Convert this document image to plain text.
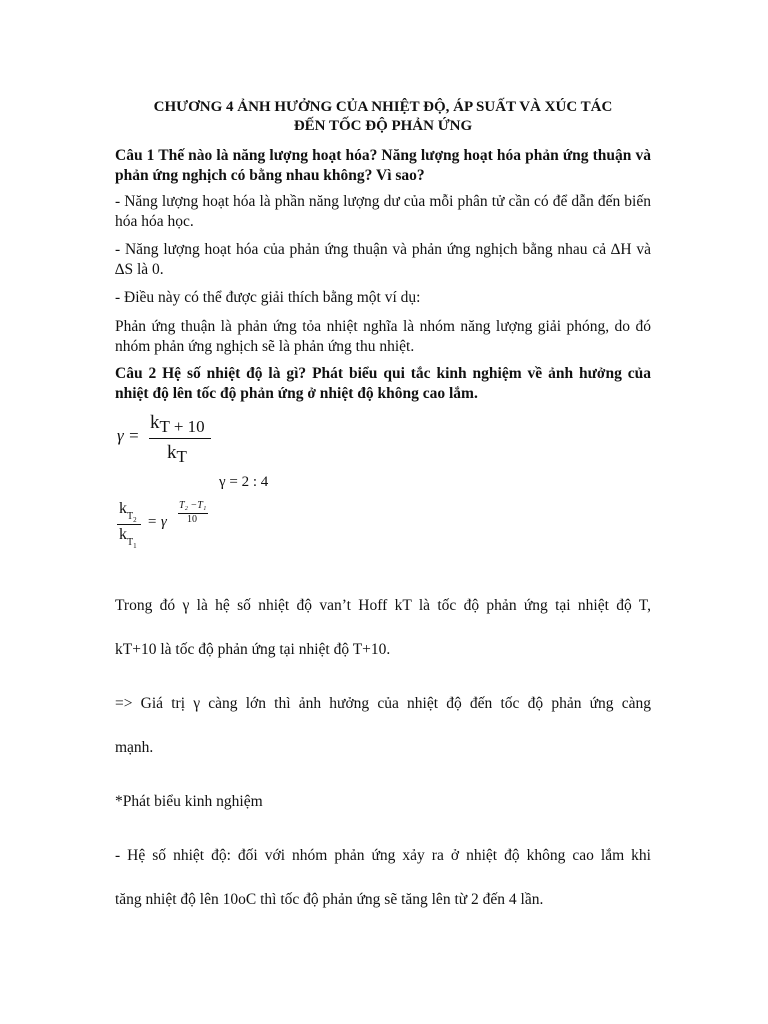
CHƯƠNG 4 ẢNH HƯỞNG CỦA NHIỆT ĐỘ, ÁP SUẤT VÀ XÚC TÁC

ĐẾN TỐC ĐỘ PHẢN ỨNG

Câu 1 Thế nào là năng lượng hoạt hóa? Năng lượng hoạt hóa phản ứng thuận và phản ứng nghịch có bằng nhau không? Vì sao?

- Năng lượng hoạt hóa là phần năng lượng dư của mỗi phân tử cần có để dẫn đến biến hóa hóa học.

- Năng lượng hoạt hóa của phản ứng thuận và phản ứng nghịch bằng nhau cả ∆H và ∆S là 0.

- Điều này có thể được giải thích bằng một ví dụ:

Phản ứng thuận là phản ứng tỏa nhiệt nghĩa là nhóm năng lượng giải phóng, do đó nhóm phản ứng nghịch sẽ là phản ứng thu nhiệt.

Câu 2 Hệ số nhiệt độ là gì? Phát biểu qui tắc kinh nghiệm về ảnh hưởng của nhiệt độ lên tốc độ phản ứng ở nhiệt độ không cao lắm.

γ =
kT + 10
kT
γ = 2 : 4
$k_{T2}$
$k_{T1}$
= γ
T₂ −T₁
10

Trong đó γ là hệ số nhiệt độ van’t Hoff kT là tốc độ phản ứng tại nhiệt độ T,

kT+10 là tốc độ phản ứng tại nhiệt độ T+10.

=> Giá trị γ càng lớn thì ảnh hưởng của nhiệt độ đến tốc độ phản ứng càng

mạnh.

*Phát biểu kinh nghiệm

- Hệ số nhiệt độ: đối với nhóm phản ứng xảy ra ở nhiệt độ không cao lắm khi

tăng nhiệt độ lên 10oC thì tốc độ phản ứng sẽ tăng lên từ 2 đến 4 lần.
